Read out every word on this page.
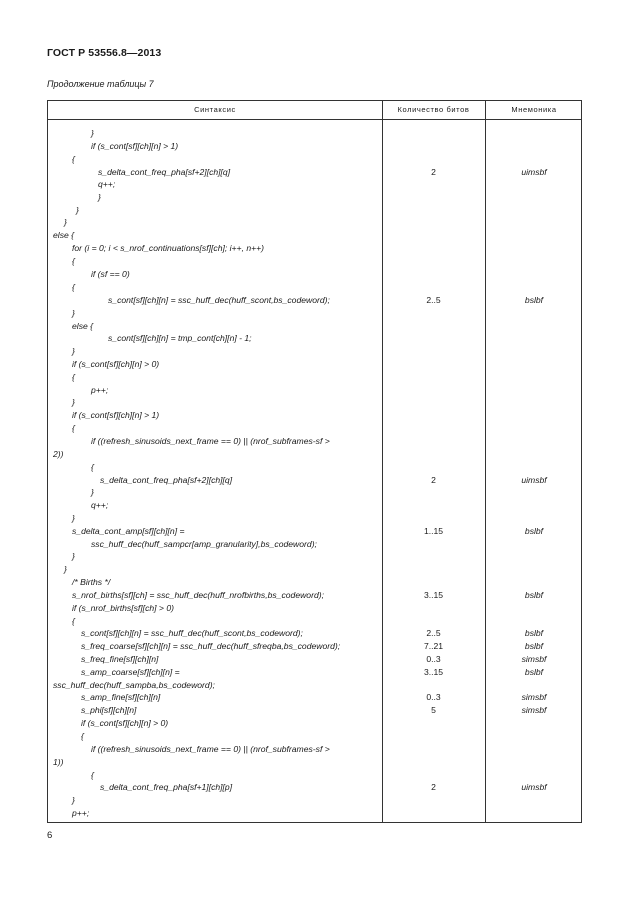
ГОСТ Р 53556.8—2013
Продолжение таблицы 7
Синтаксис	Количество битов	Мнемоника
}
if (s_cont[sf][ch][n] > 1)
{
s_delta_cont_freq_pha[sf+2][ch][q]	2	uimsbf
q++;
}
}
}
else {
for (i = 0; i < s_nrof_continuations[sf][ch]; i++, n++)
{
if (sf == 0)
{
s_cont[sf][ch][n] = ssc_huff_dec(huff_scont,bs_codeword);	2..5	bslbf
}
else {
s_cont[sf][ch][n] = tmp_cont[ch][n] - 1;
}
if (s_cont[sf][ch][n] > 0)
{
p++;
}
if (s_cont[sf][ch][n] > 1)
{
if ((refresh_sinusoids_next_frame == 0) || (nrof_subframes-sf >
2))
{
s_delta_cont_freq_pha[sf+2][ch][q]	2	uimsbf
}
q++;
}
s_delta_cont_amp[sf][ch][n] =	1..15	bslbf
ssc_huff_dec(huff_sampcr[amp_granularity],bs_codeword);
}
}
/* Births */
s_nrof_births[sf][ch] = ssc_huff_dec(huff_nrofbirths,bs_codeword);	3..15	bslbf
if (s_nrof_births[sf][ch] > 0)
{
s_cont[sf][ch][n] = ssc_huff_dec(huff_scont,bs_codeword);	2..5	bslbf
s_freq_coarse[sf][ch][n] = ssc_huff_dec(huff_sfreqba,bs_codeword);	7..21	bslbf
s_freq_fine[sf][ch][n]	0..3	simsbf
s_amp_coarse[sf][ch][n] =	3..15	bslbf
ssc_huff_dec(huff_sampba,bs_codeword);
s_amp_fine[sf][ch][n]	0..3	simsbf
s_phi[sf][ch][n]	5	simsbf
if (s_cont[sf][ch][n] > 0)
{
if ((refresh_sinusoids_next_frame == 0) || (nrof_subframes-sf >
1))
{
s_delta_cont_freq_pha[sf+1][ch][p]	2	uimsbf
}
p++;
6
